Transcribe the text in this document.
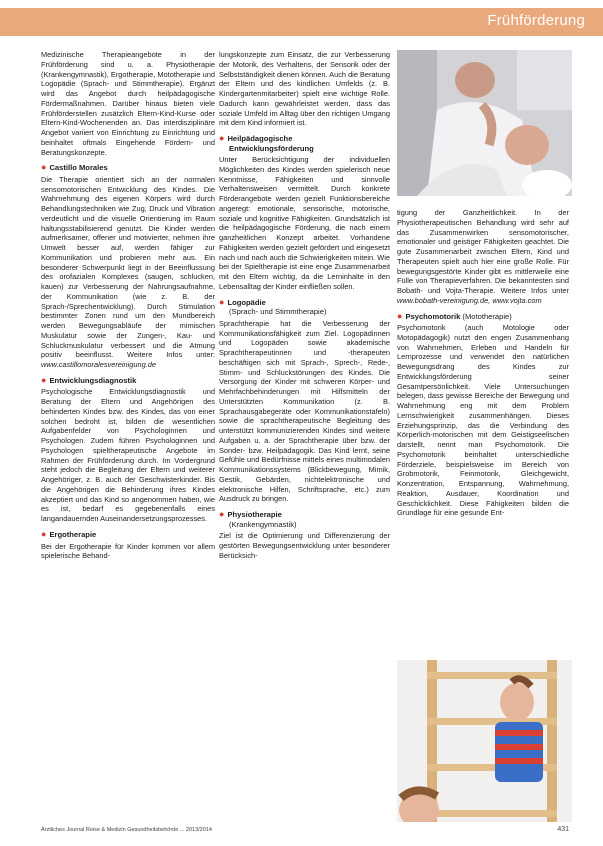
Frühförderung

Medizinische Therapieangebote in der Frühförderung sind u. a. Physiotherapie (Krankengymnastik), Ergotherapie, Mototherapie und Logopädie (Sprach- und Stimmtherapie). Ergänzt wird das Angebot durch heilpädagogische Fördermaßnahmen. Darüber hinaus bieten viele Frühförderstellen zusätzlich Eltern-Kind-Kurse oder Eltern-Kind-Wochenenden an. Das interdisziplinäre Angebot variiert von Einrichtung zu Einrichtung und beinhaltet oftmals Eingehende Fördern- und Beratungskonzepte.

● Castillo Morales

Die Therapie orientiert sich an der normalen sensomotorischen Entwicklung des Kindes. Die Wahrnehmung des eigenen Körpers wird durch Behandlungstechniken wie Zug, Druck und Vibration verdeutlicht und die visuelle Orientierung im Raum haltungsstabilisierend genutzt. Die Kinder werden aufmerksamer, offener und motivierter, nehmen ihre Umwelt besser auf, werden fähiger zur Kommunikation und probieren mehr aus. Ein besonderer Schwerpunkt liegt in der Beeinflussung des orofazialen Komplexes (saugen, schlucken, kauen) zur Verbesserung der Nahrungsaufnahme, der Kommunikation (wie z. B. der Sprach-/Sprechentwicklung). Durch Stimulation bestimmter Zonen rund um den Mundbereich werden Bewegungsabläufe der mimischen Muskulatur sowie der Zungen-, Kau- und Schluckmuskulatur verbessert und die Atmung positiv beeinflusst. Weitere Infos unter: www.castillomoralesvereinigung.de

● Entwicklungsdiagnostik

Psychologische Entwicklungsdiagnostik und Beratung der Eltern und Angehörigen des behinderten Kindes bzw. des Kindes, das von einer solchen bedroht ist, bilden die wesentlichen Aufgabenfelder von Psychologinnen und Psychologen. Zudem führen Psychologinnen und Psychologen spieltherapeutische Angebote im Rahmen der Frühförderung durch. Im Vordergrund steht jedoch die Begleitung der Eltern und weiterer Angehöriger, z. B. auch der Geschwisterkinder. Bis die Angehörigen die Behinderung ihres Kindes akzeptiert und das Kind so angenommen haben, wie es ist, bedarf es gegebenenfalls eines langandauernden Auseinandersetzungsprozesses.

● Ergotherapie

Bei der Ergotherapie für Kinder kommen vor allem spielerische Behand-

lungskonzepte zum Einsatz, die zur Verbesserung der Motorik, des Verhaltens, der Sensorik oder der Selbstständigkeit dienen können. Auch die Beratung der Eltern und des kindlichen Umfelds (z. B. Kindergartenmitarbeiter) spielt eine wichtige Rolle. Dadurch kann gewährleistet werden, dass das soziale Umfeld im Alltag über den richtigen Umgang mit dem Kind informiert ist.

● Heilpädagogische
Entwicklungsförderung

Unter Berücksichtigung der individuellen Möglichkeiten des Kindes werden spielerisch neue Kenntnisse, Fähigkeiten und sinnvolle Verhaltensweisen vermittelt. Durch konkrete Förderangebote werden gezielt Funktionsbereiche angeregt: emotionale, sensorische, motorische, soziale und kognitive Fähigkeiten. Grundsätzlich ist die heilpädagogische Förderung, die nach einem ganzheitlichen Konzept arbeitet. Vorhandene Fähigkeiten werden gezielt gefördert und eingesetzt nach und nach auch die Schwierigkeiten mitein. Wie bei der Spieltherapie ist eine enge Zusammenarbeit mit den Eltern wichtig, da die Lerninhalte in den Lebensalltag der Kinder einfließen sollen.

● Logopädie
(Sprach- und Stimmtherapie)

Sprachtherapie hat die Verbesserung der Kommunikationsfähigkeit zum Ziel. Logopädinnen und Logopäden sowie akademische Sprachtherapeutinnen und -therapeuten beschäftigen sich mit Sprach-, Sprech-, Rede-, Stimm- und Schluckstörungen des Kindes. Die Versorgung der Kinder mit schweren Körper- und Mehrfachbehinderungen mit Hilfsmitteln der Unterstützten Kommunikation (z. B. Sprachausgabegeräte oder Kommunikationstafeln) sowie die sprachtherapeutische Begleitung des unterstützt kommunizierenden Kindes sind weitere Aufgaben u. a. der Sprachtherapie über bzw. der Sonder- bzw. Heilpädagogik. Das Kind lernt, seine Gefühle und Bedürfnisse mittels eines multimodalen Kommunikationssystems (Blickbewegung, Mimik, Gestik, Gebärden, nichtelektronische und elektronische Hilfen, Schriftsprache, etc.) zum Ausdruck zu bringen.

● Physiotherapie
(Krankengymnastik)

Ziel ist die Optimierung und Differenzierung der gestörten Bewegungsentwicklung unter besonderer Berücksich-

tigung der Ganzheitlichkeit. In der Physiotherapeutischen Behandlung wird sehr auf das Zusammenwirken sensomotorischer, emotionaler und geistiger Fähigkeiten geachtet. Die gute Zusammenarbeit zwischen Eltern, Kind und Therapeuten spielt auch hier eine große Rolle. Für bewegungsgestörte Kinder gibt es mittlerweile eine Fülle von Therapieverfahren. Die bekanntesten sind Bobath- und Vojta-Therapie. Weitere Infos unter www.bobath-vereinigung.de, www.vojta.com

● Psychomotorik (Mototherapie)

Psychomotorik (auch Motologie oder Motopädagogik) nutzt den engen Zusammenhang von Wahrnehmen, Erleben und Handeln für Lernprozesse und verwendet den natürlichen Bewegungsdrang des Kindes zur Entwicklungsförderung seiner Gesamtpersönlichkeit. Viele Untersuchungen belegen, dass gewisse Bereiche der Bewegung und Wahrnehmung eng mit dem Problem Lernschwierigkeit zusammenhängen. Dieses Erziehungsprinzip, das die Verbindung des Körperlich-motorischen mit dem Geistigseelischen darstellt, nennt man Psychomotorik. Die Psychomotorik beinhaltet unterschiedliche Förderziele, beispielsweise im Bereich von Grobmotorik, Feinmotorik, Gleichgewicht, Konzentration, Entspannung, Wahrnehmung, Reaktion, Ausdauer, Koordination und Geschicklichkeit. Diese Fähigkeiten bilden die Grundlage für eine gesunde Ent-

Ärztliches Journal Reise & Medizin Gesundheitsbehörde ... 2013/2014	431
